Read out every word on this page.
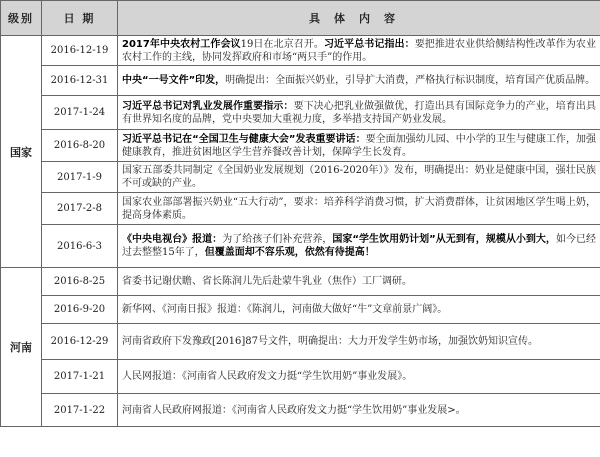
级别	日 期	具体内容
国家	2016-12-19	2017年中央农村工作会议19日在北京召开。习近平总书记指出：要把推进农业供给侧结构性改革作为农业农村工作的主线，协同发挥政府和市场“两只手”的作用。
	2016-12-31	中央“一号文件”印发，明确提出：全面振兴奶业，引导扩大消费，严格执行标识制度，培育国产优质品牌。
	2017-1-24	习近平总书记对乳业发展作重要指示：要下决心把乳业做强做优，打造出具有国际竞争力的产业，培育出具有世界知名度的品牌，党中央要加大重视力度，多举措支持国产奶业发展。
	2016-8-20	习近平总书记在“全国卫生与健康大会”发表重要讲话：要全面加强幼儿园、中小学的卫生与健康工作，加强健康教育，推进贫困地区学生营养餐改善计划，保障学生长发育。
	2017-1-9	国家五部委共同制定《全国奶业发展规划（2016-2020年）》发布，明确提出：奶业是健康中国，强壮民族不可或缺的产业。
	2017-2-8	国家农业部部署振兴奶业“五大行动”，要求：培养科学消费习惯，扩大消费群体，让贫困地区学生喝上奶，提高身体素质。
	2016-6-3	《中央电视台》报道：为了给孩子们补充营养，国家“学生饮用奶计划”从无到有，规模从小到大，如今已经过去整整15年了，但覆盖面却不容乐观，依然有待提高！
河南	2016-8-25	省委书记谢伏瞻、省长陈润儿先后赴蒙牛乳业（焦作）工厂调研。
	2016-9-20	新华网、《河南日报》报道：《陈润儿，河南做大做好“牛”文章前景广阔》。
	2016-12-29	河南省政府下发豫政[2016]87号文件，明确提出：大力开发学生奶市场，加强饮奶知识宣传。
	2017-1-21	人民网报道：《河南省人民政府发文力挺“学生饮用奶”事业发展》。
	2017-1-22	河南省人民政府网报道：《河南省人民政府发文力挺“学生饮用奶”事业发展>。
